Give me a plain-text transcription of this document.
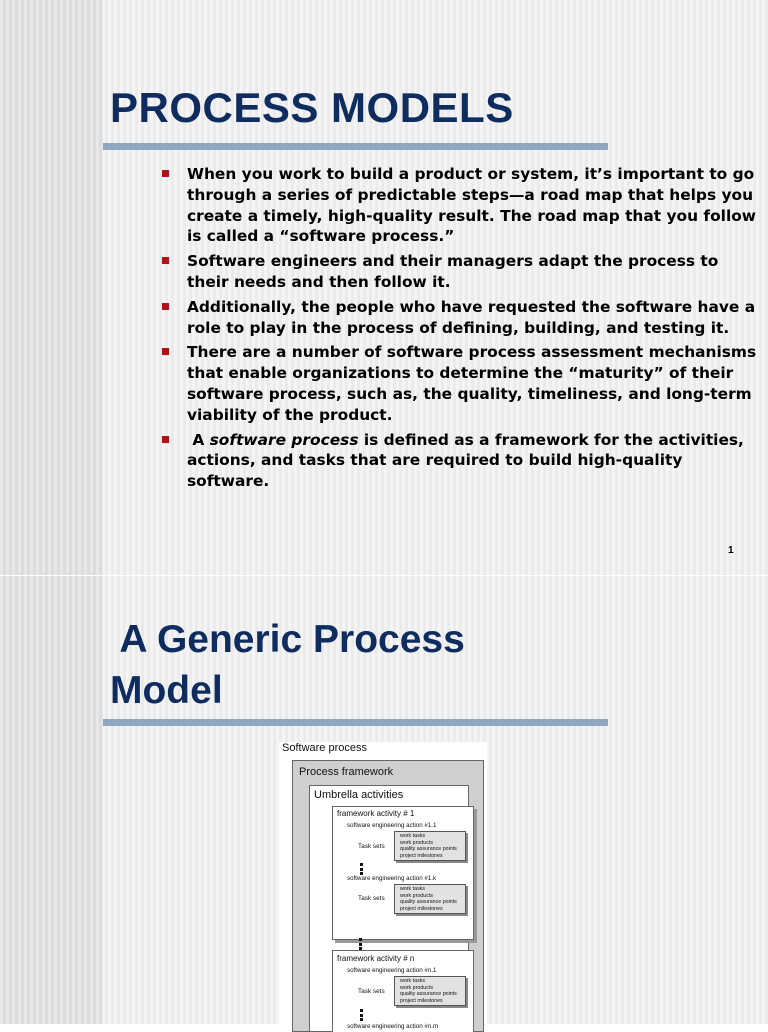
PROCESS MODELS
When you work to build a product or system, it’s important to go through a series of predictable steps—a road map that helps you create a timely, high-quality result. The road map that you follow is called a “software process.”
Software engineers and their managers adapt the process to their needs and then follow it.
Additionally, the people who have requested the software have a role to play in the process of defining, building, and testing it.
There are a number of software process assessment mechanisms that enable organizations to determine the “maturity” of their software process, such as, the quality, timeliness, and long-term viability of the product.
A software process is defined as a framework for the activities, actions, and tasks that are required to build high-quality software.
1
A Generic Process
Model
Software process
Process framework
Umbrella activities
framework activity # 1
software engineering action #1.1
Task sets
work tasks
work products
quality assurance points
project milestones
software engineering action #1.k
Task sets
work tasks
work products
quality assurance points
project milestones
framework activity # n
software engineering action #n.1
Task sets
work tasks
work products
quality assurance points
project milestones
software engineering action #n.m
